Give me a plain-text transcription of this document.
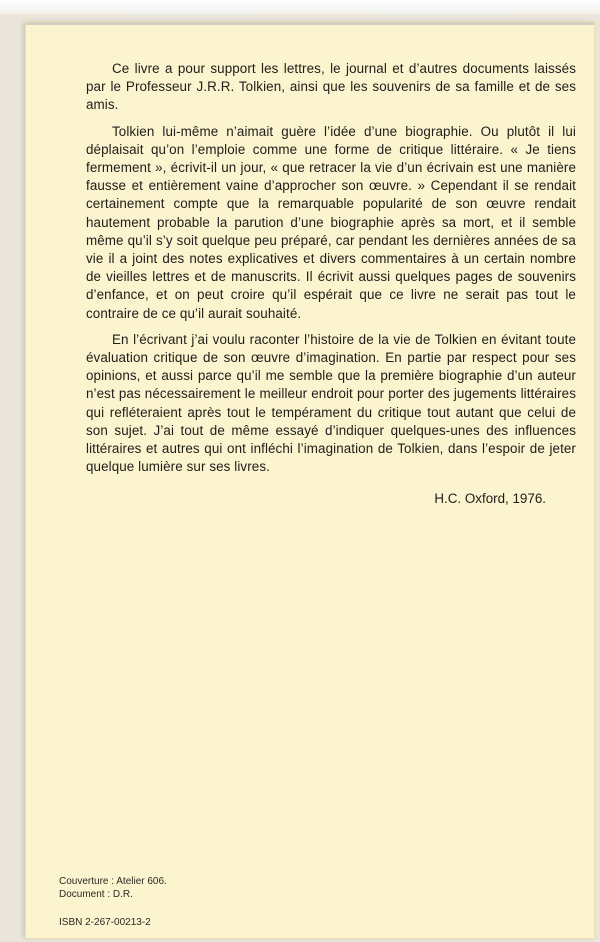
Ce livre a pour support les lettres, le journal et d’autres documents laissés par le Professeur J.R.R. Tolkien, ainsi que les souvenirs de sa famille et de ses amis.

Tolkien lui-même n’aimait guère l’idée d’une biographie. Ou plutôt il lui déplaisait qu’on l’emploie comme une forme de critique littéraire. « Je tiens fermement », écrivit-il un jour, « que retracer la vie d’un écrivain est une manière fausse et entièrement vaine d’approcher son œuvre. » Cependant il se rendait certainement compte que la remarquable popularité de son œuvre rendait hautement probable la parution d’une biographie après sa mort, et il semble même qu’il s’y soit quelque peu préparé, car pendant les dernières années de sa vie il a joint des notes explicatives et divers commentaires à un certain nombre de vieilles lettres et de manuscrits. Il écrivit aussi quelques pages de souvenirs d’enfance, et on peut croire qu’il espérait que ce livre ne serait pas tout le contraire de ce qu’il aurait souhaité.

En l’écrivant j’ai voulu raconter l’histoire de la vie de Tolkien en évitant toute évaluation critique de son œuvre d’imagination. En partie par respect pour ses opinions, et aussi parce qu’il me semble que la première biographie d’un auteur n’est pas nécessairement le meilleur endroit pour porter des jugements littéraires qui refléteraient après tout le tempérament du critique tout autant que celui de son sujet. J’ai tout de même essayé d’indiquer quelques-unes des influences littéraires et autres qui ont infléchi l’imagination de Tolkien, dans l’espoir de jeter quelque lumière sur ses livres.

H.C. Oxford, 1976.
Couverture : Atelier 606.
Document : D.R.
ISBN 2-267-00213-2
